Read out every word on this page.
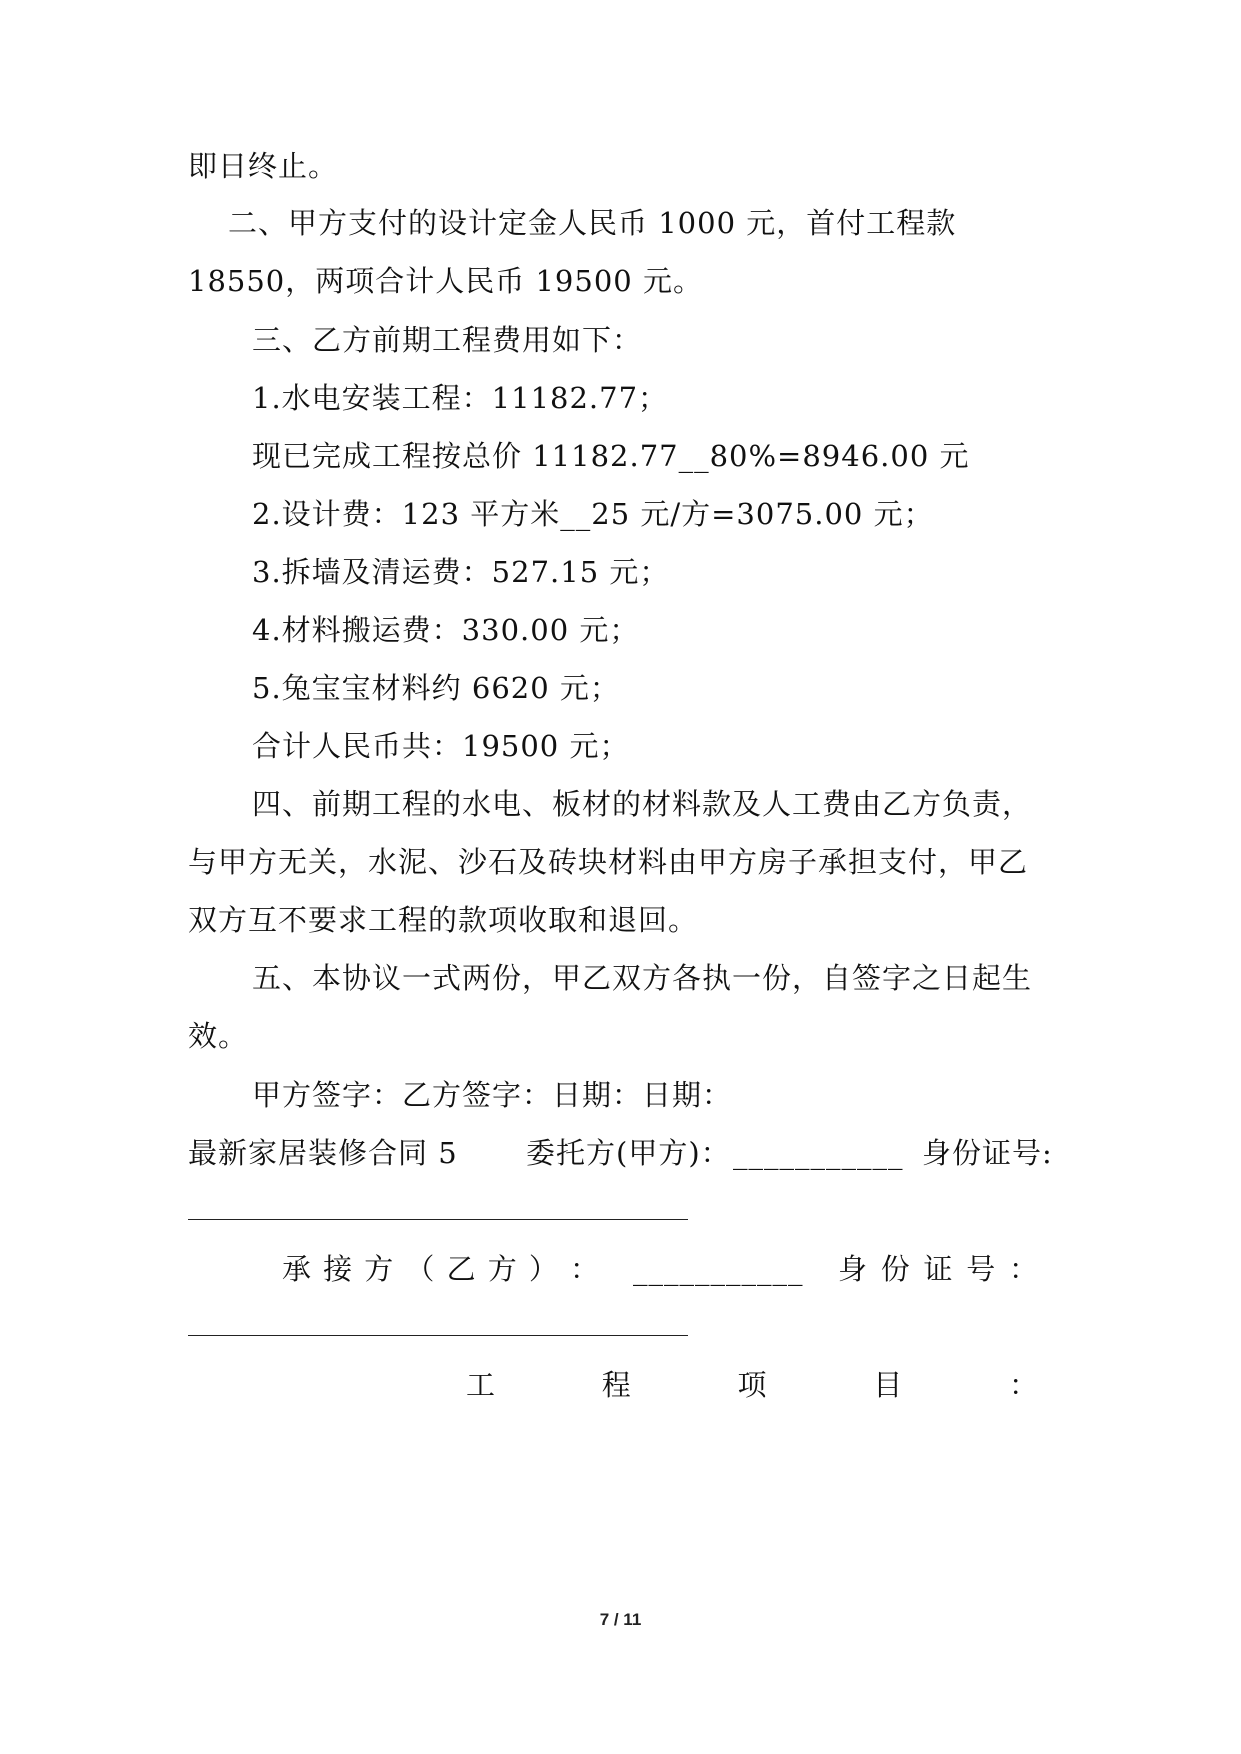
即日终止。
二、甲方支付的设计定金人民币 1000 元，首付工程款
18550，两项合计人民币 19500 元。
三、乙方前期工程费用如下：
1.水电安装工程：11182.77；
现已完成工程按总价 11182.77__80%=8946.00 元
2.设计费：123 平方米__25 元/方=3075.00 元；
3.拆墙及清运费：527.15 元；
4.材料搬运费：330.00 元；
5.兔宝宝材料约 6620 元；
合计人民币共：19500 元；
四、前期工程的水电、板材的材料款及人工费由乙方负责，
与甲方无关，水泥、沙石及砖块材料由甲方房子承担支付，甲乙
双方互不要求工程的款项收取和退回。
五、本协议一式两份，甲乙双方各执一份，自签字之日起生
效。
甲方签字：乙方签字：日期：日期：
最新家居装修合同 5 委托方(甲方)： ___________ 身份证号:
承 接 方 （ 乙 方 ） ： ___________ 身 份 证 号 ：
工	程	项	目	：
7 / 11
